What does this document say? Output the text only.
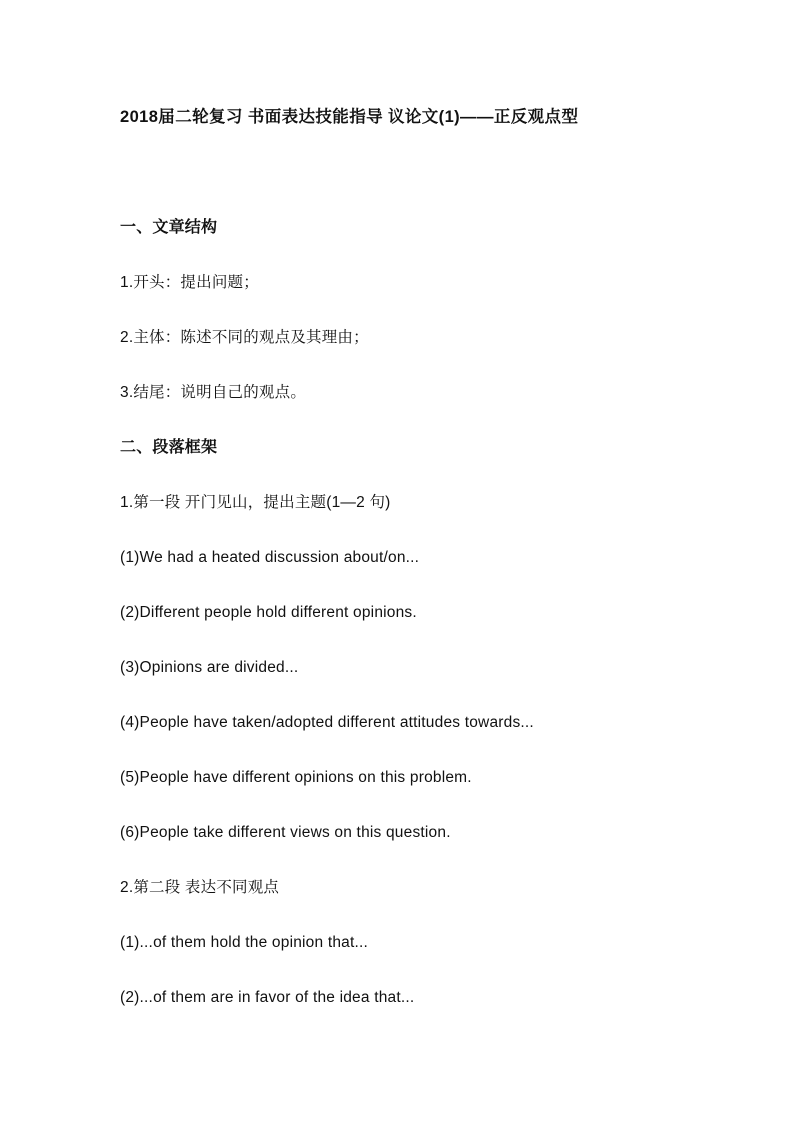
2018届二轮复习 书面表达技能指导 议论文(1)——正反观点型
一、文章结构
1.开头：提出问题；
2.主体：陈述不同的观点及其理由；
3.结尾：说明自己的观点。
二、段落框架
1.第一段 开门见山，提出主题(1—2 句)
(1)We had a heated discussion about/on...
(2)Different people hold different opinions.
(3)Opinions are divided...
(4)People have taken/adopted different attitudes towards...
(5)People have different opinions on this problem.
(6)People take different views on this question.
2.第二段 表达不同观点
(1)...of them hold the opinion that...
(2)...of them are in favor of the idea that...
